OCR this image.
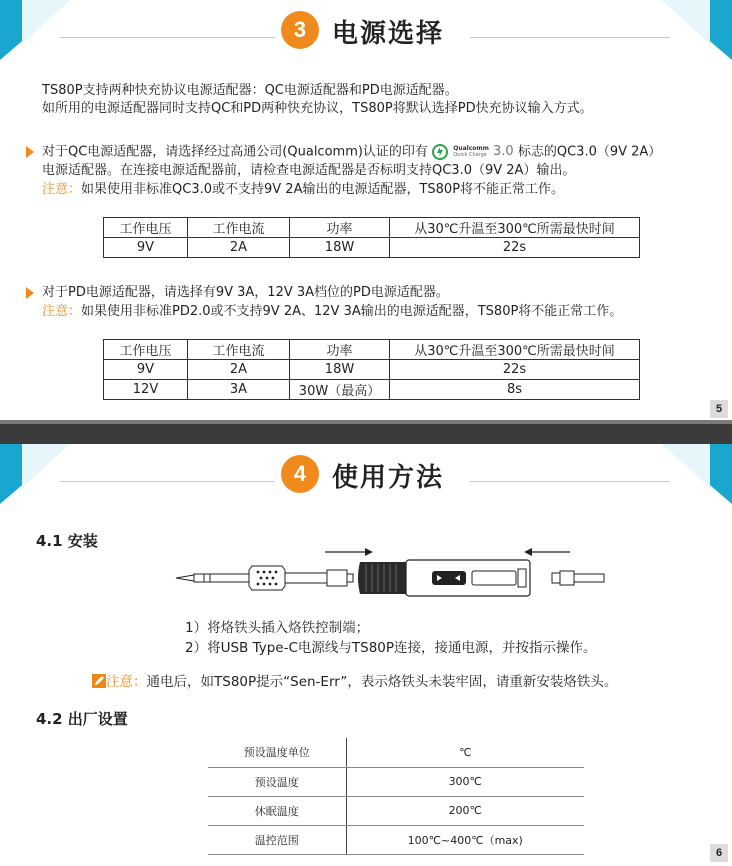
3 电源选择
TS80P支持两种快充协议电源适配器：QC电源适配器和PD电源适配器。
如所用的电源适配器同时支持QC和PD两种快充协议，TS80P将默认选择PD快充协议输入方式。
对于QC电源适配器，请选择经过高通公司(Qualcomm)认证的印有	Qualcomm
Quick Charge 3.0 标志的QC3.0（9V 2A）
电源适配器。在连接电源适配器前，请检查电源适配器是否标明支持QC3.0（9V 2A）输出。
注意：如果使用非标准QC3.0或不支持9V 2A输出的电源适配器，TS80P将不能正常工作。
工作电压	工作电流	功率	从30℃升温至300℃所需最快时间
9V	2A	18W	22s
对于PD电源适配器，请选择有9V 3A，12V 3A档位的PD电源适配器。
注意：如果使用非标准PD2.0或不支持9V 2A、12V 3A输出的电源适配器，TS80P将不能正常工作。
工作电压	工作电流	功率	从30℃升温至300℃所需最快时间
9V	2A	18W	22s
12V	3A	30W（最高）	8s
5
4 使用方法
4.1 安装
1）将烙铁头插入烙铁控制端；
2）将USB Type-C电源线与TS80P连接，接通电源，并按指示操作。
注意：通电后，如TS80P提示“Sen-Err”，表示烙铁头未装牢固，请重新安装烙铁头。
4.2 出厂设置
预设温度单位	℃
预设温度	300℃
休眠温度	200℃
温控范围	100℃~400℃（max)
6
